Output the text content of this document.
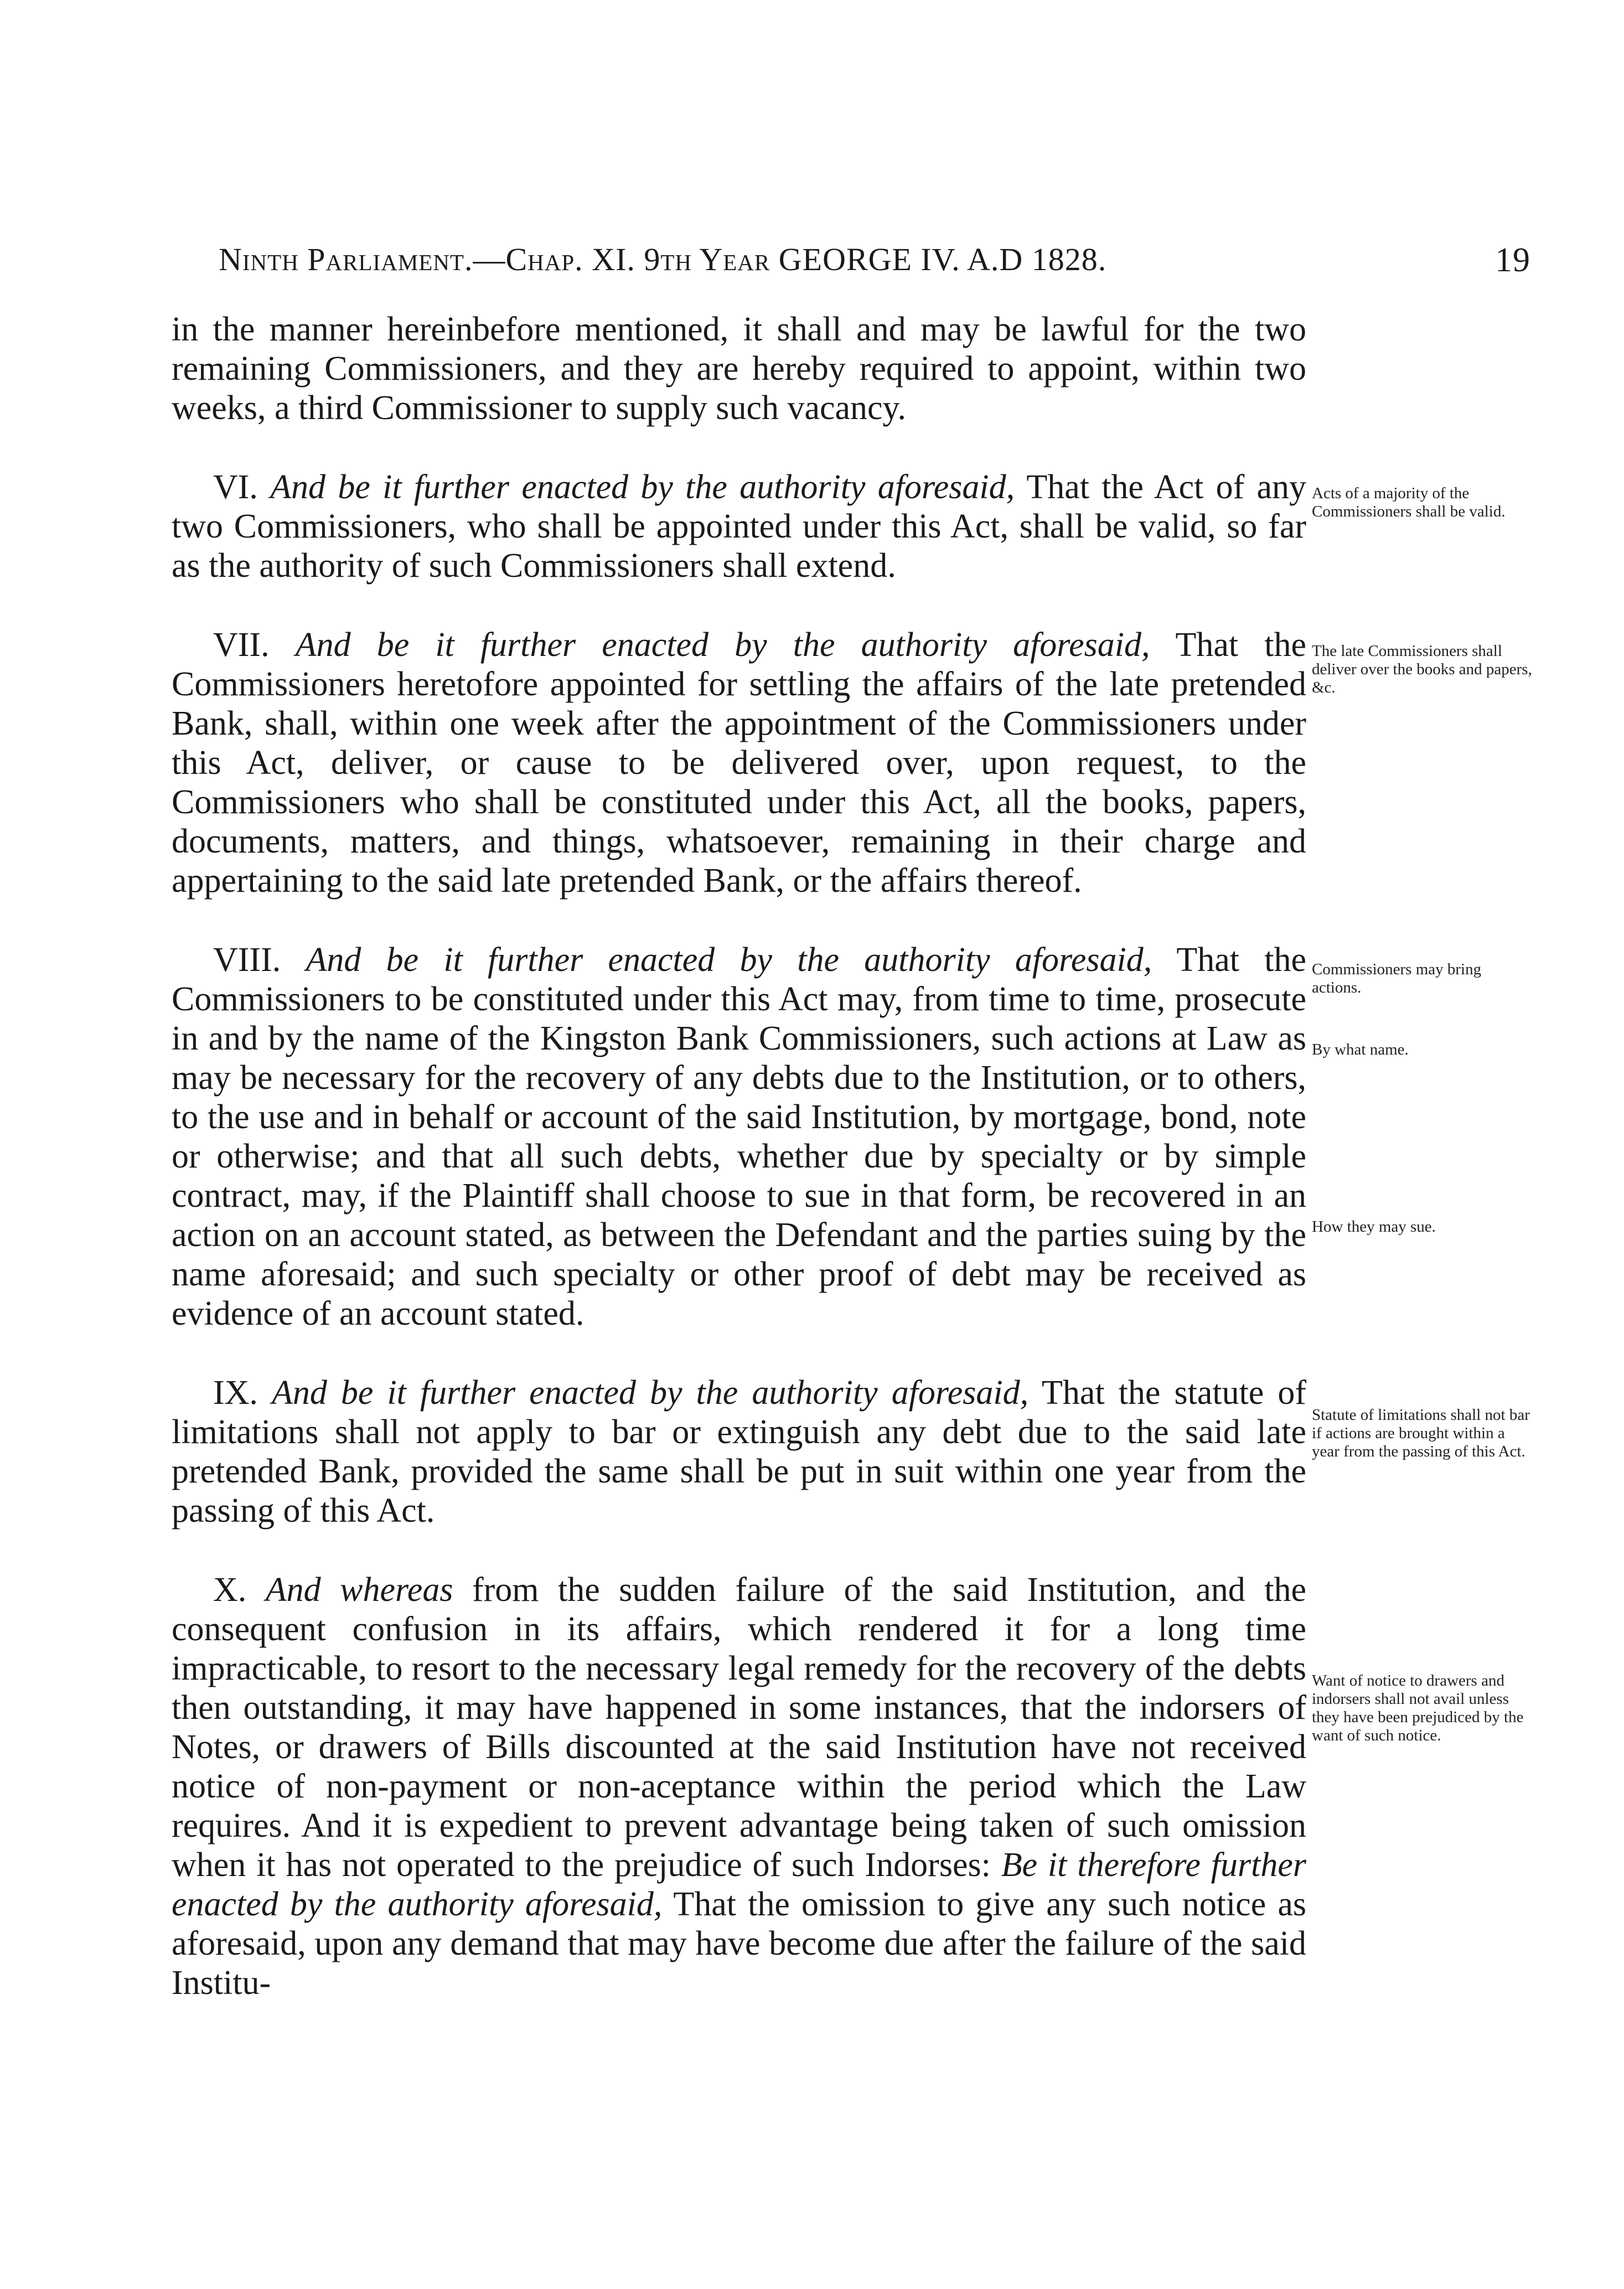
Ninth Parliament.—Chap. XI. 9th Year GEORGE IV. A.D 1828.	19

in the manner hereinbefore mentioned, it shall and may be lawful for the two remaining Commissioners, and they are hereby required to appoint, within two weeks, a third Commissioner to supply such vacancy.

VI. And be it further enacted by the authority aforesaid, That the Act of any two Commissioners, who shall be appointed under this Act, shall be valid, so far as the authority of such Commissioners shall extend.

VII. And be it further enacted by the authority aforesaid, That the Commissioners heretofore appointed for settling the affairs of the late pretended Bank, shall, within one week after the appointment of the Commissioners under this Act, deliver, or cause to be delivered over, upon request, to the Commissioners who shall be constituted under this Act, all the books, papers, documents, matters, and things, whatsoever, remaining in their charge and appertaining to the said late pretended Bank, or the affairs thereof.

VIII. And be it further enacted by the authority aforesaid, That the Commissioners to be constituted under this Act may, from time to time, prosecute in and by the name of the Kingston Bank Commissioners, such actions at Law as may be necessary for the recovery of any debts due to the Institution, or to others, to the use and in behalf or account of the said Institution, by mortgage, bond, note or otherwise; and that all such debts, whether due by specialty or by simple contract, may, if the Plaintiff shall choose to sue in that form, be recovered in an action on an account stated, as between the Defendant and the parties suing by the name aforesaid; and such specialty or other proof of debt may be received as evidence of an account stated.

IX. And be it further enacted by the authority aforesaid, That the statute of limitations shall not apply to bar or extinguish any debt due to the said late pretended Bank, provided the same shall be put in suit within one year from the passing of this Act.

X. And whereas from the sudden failure of the said Institution, and the consequent confusion in its affairs, which rendered it for a long time impracticable, to resort to the necessary legal remedy for the recovery of the debts then outstanding, it may have happened in some instances, that the indorsers of Notes, or drawers of Bills discounted at the said Institution have not received notice of non-payment or non-aceptance within the period which the Law requires. And it is expedient to prevent advantage being taken of such omission when it has not operated to the prejudice of such Indorses: Be it therefore further enacted by the authority aforesaid, That the omission to give any such notice as aforesaid, upon any demand that may have become due after the failure of the said Institu-

Acts of a majority of the Commissioners shall be valid.
The late Commissioners shall deliver over the books and papers, &c.
Commissioners may bring actions.
By what name.
How they may sue.
Statute of limitations shall not bar if actions are brought within a year from the passing of this Act.
Want of notice to drawers and indorsers shall not avail unless they have been prejudiced by the want of such notice.
